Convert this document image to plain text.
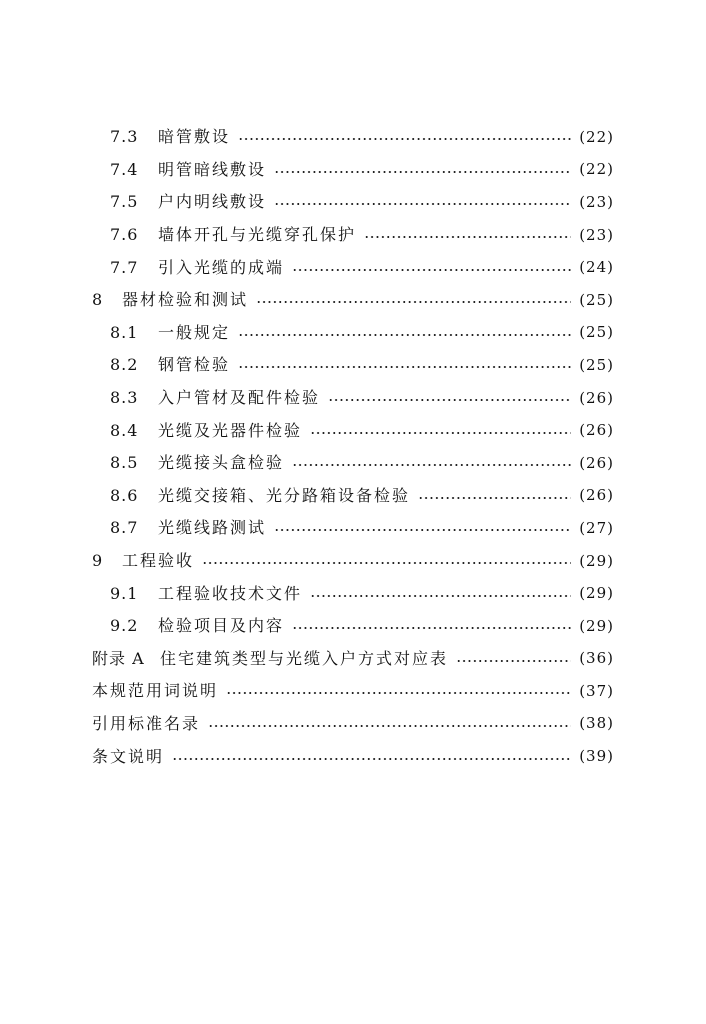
7.3	暗管敷设	(22)
7.4	明管暗线敷设	(22)
7.5	户内明线敷设	(23)
7.6	墙体开孔与光缆穿孔保护	(23)
7.7	引入光缆的成端	(24)
8	器材检验和测试	(25)
8.1	一般规定	(25)
8.2	钢管检验	(25)
8.3	入户管材及配件检验	(26)
8.4	光缆及光器件检验	(26)
8.5	光缆接头盒检验	(26)
8.6	光缆交接箱、光分路箱设备检验	(26)
8.7	光缆线路测试	(27)
9	工程验收	(29)
9.1	工程验收技术文件	(29)
9.2	检验项目及内容	(29)
附录 A 住宅建筑类型与光缆入户方式对应表	(36)
本规范用词说明	(37)
引用标准名录	(38)
条文说明	(39)
